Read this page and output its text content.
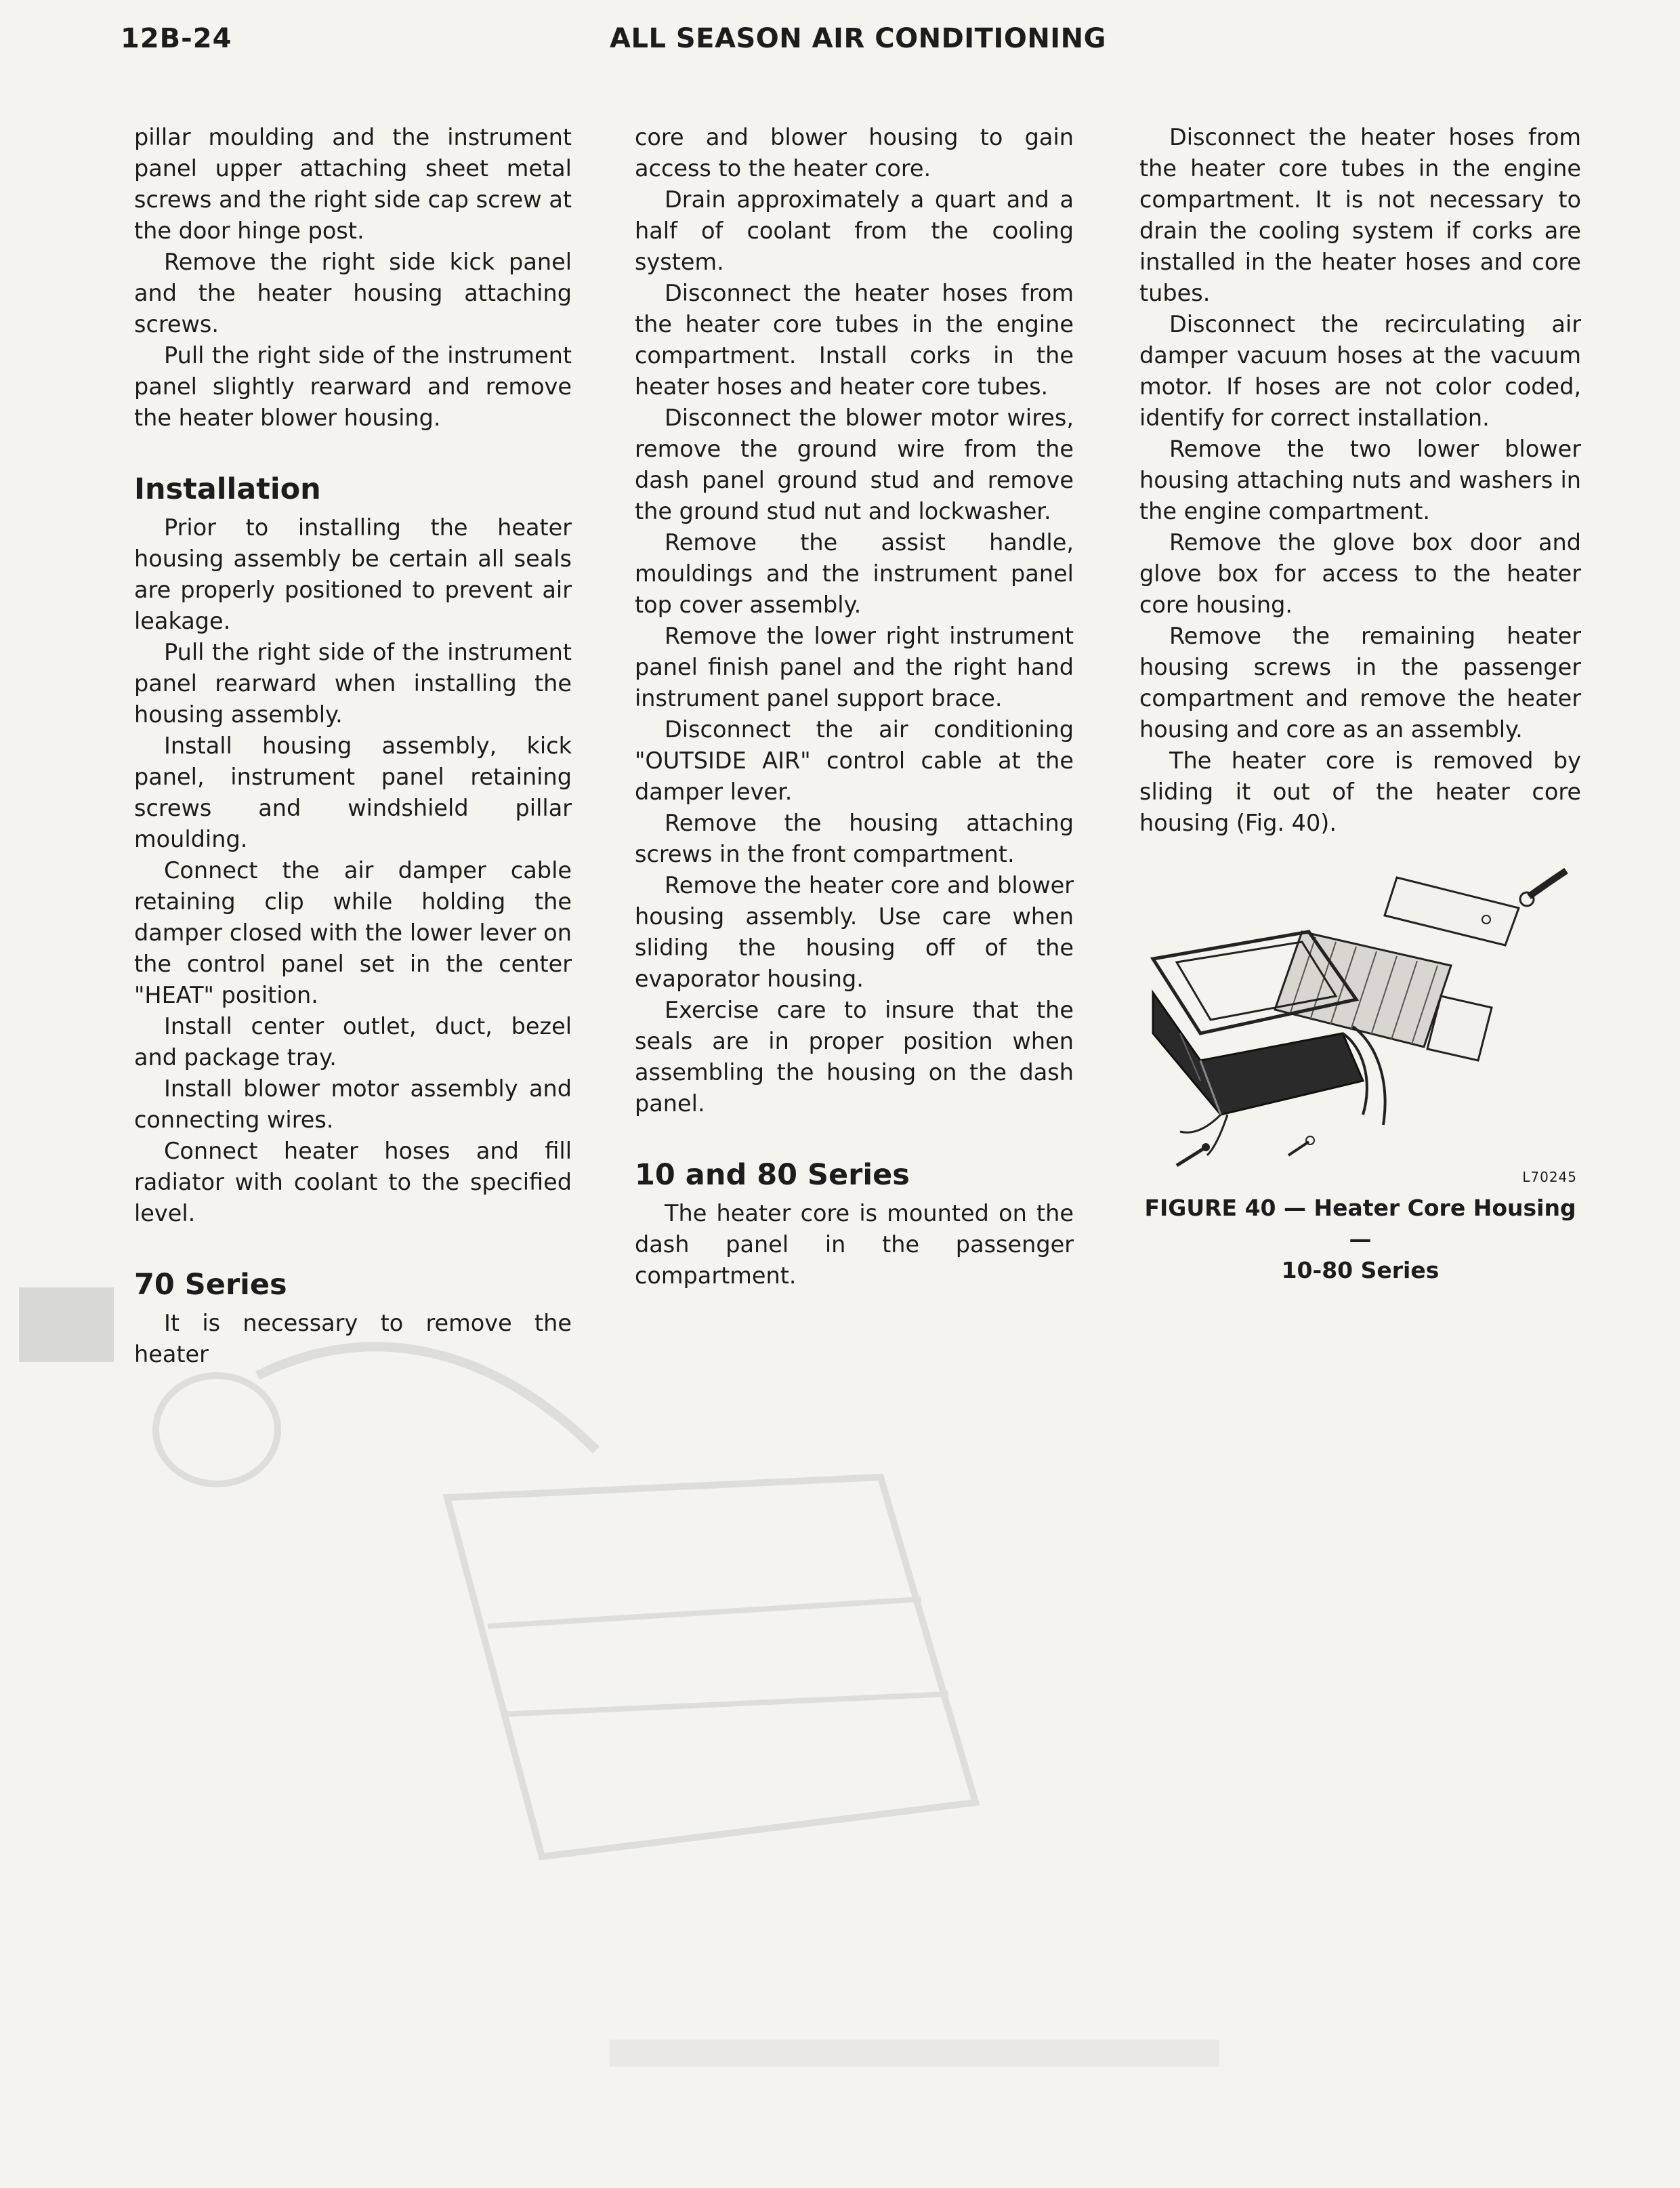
12B-24	ALL SEASON AIR CONDITIONING

pillar moulding and the instrument panel upper attaching sheet metal screws and the right side cap screw at the door hinge post.

Remove the right side kick panel and the heater housing attaching screws.

Pull the right side of the instrument panel slightly rearward and remove the heater blower housing.

Installation

Prior to installing the heater housing assembly be certain all seals are properly positioned to prevent air leakage.

Pull the right side of the instrument panel rearward when installing the housing assembly.

Install housing assembly, kick panel, instrument panel retaining screws and windshield pillar moulding.

Connect the air damper cable retaining clip while holding the damper closed with the lower lever on the control panel set in the center "HEAT" position.

Install center outlet, duct, bezel and package tray.

Install blower motor assembly and connecting wires.

Connect heater hoses and fill radiator with coolant to the specified level.

70 Series

It is necessary to remove the heater

core and blower housing to gain access to the heater core.

Drain approximately a quart and a half of coolant from the cooling system.

Disconnect the heater hoses from the heater core tubes in the engine compartment. Install corks in the heater hoses and heater core tubes.

Disconnect the blower motor wires, remove the ground wire from the dash panel ground stud and remove the ground stud nut and lockwasher.

Remove the assist handle, mouldings and the instrument panel top cover assembly.

Remove the lower right instrument panel finish panel and the right hand instrument panel support brace.

Disconnect the air conditioning "OUTSIDE AIR" control cable at the damper lever.

Remove the housing attaching screws in the front compartment.

Remove the heater core and blower housing assembly. Use care when sliding the housing off of the evaporator housing.

Exercise care to insure that the seals are in proper position when assembling the housing on the dash panel.

10 and 80 Series

The heater core is mounted on the dash panel in the passenger compartment.

Disconnect the heater hoses from the heater core tubes in the engine compartment. It is not necessary to drain the cooling system if corks are installed in the heater hoses and core tubes.

Disconnect the recirculating air damper vacuum hoses at the vacuum motor. If hoses are not color coded, identify for correct installation.

Remove the two lower blower housing attaching nuts and washers in the engine compartment.

Remove the glove box door and glove box for access to the heater core housing.

Remove the remaining heater housing screws in the passenger compartment and remove the heater housing and core as an assembly.

The heater core is removed by sliding it out of the heater core housing (Fig. 40).

L70245
FIGURE 40 — Heater Core Housing —
10-80 Series
